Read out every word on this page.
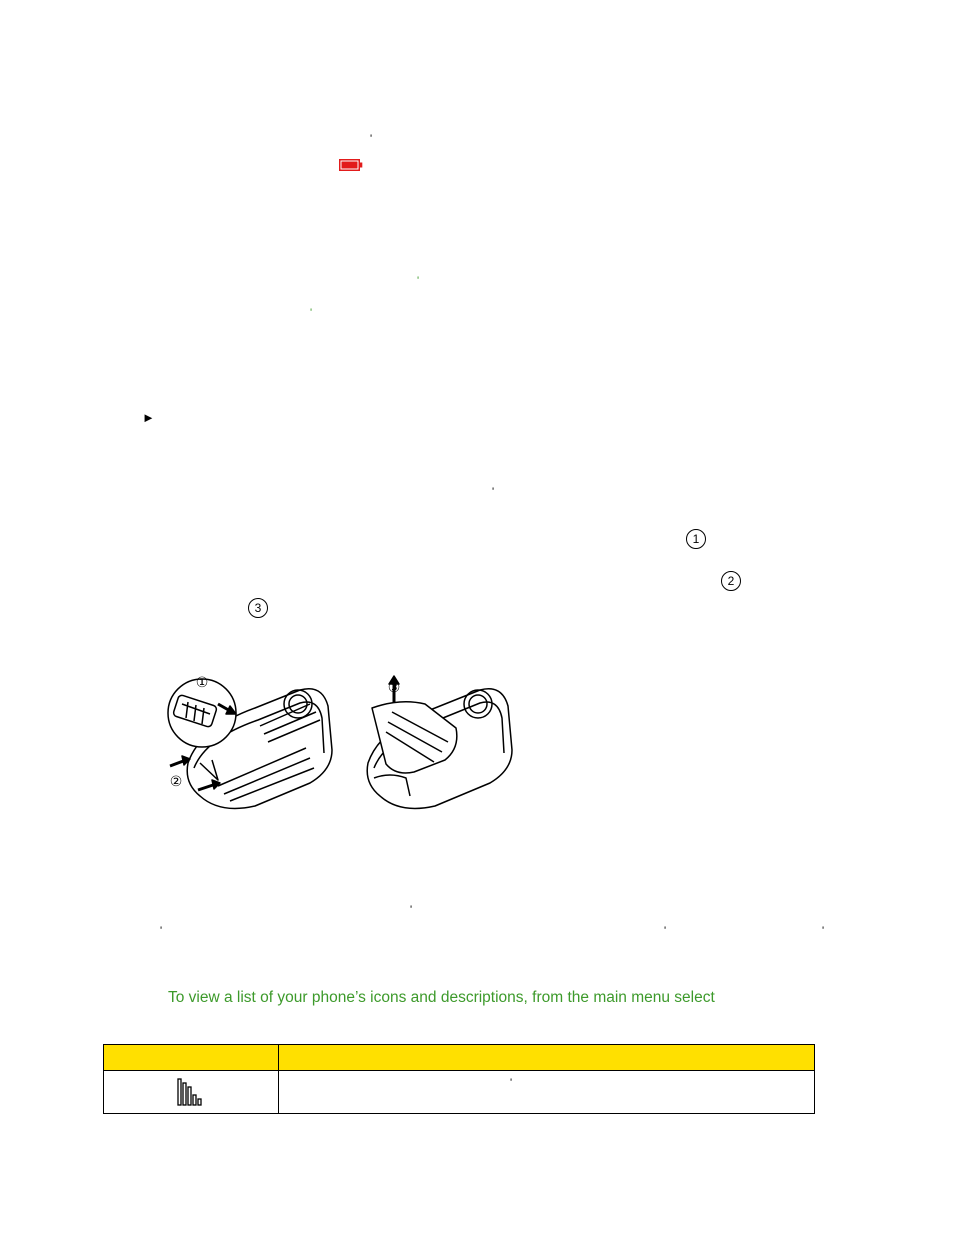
'
'
'
'
'
'	'	'
►
1
2
3
①
②
③
To view a list of your phone’s icons and descriptions, from the main menu select

	'
